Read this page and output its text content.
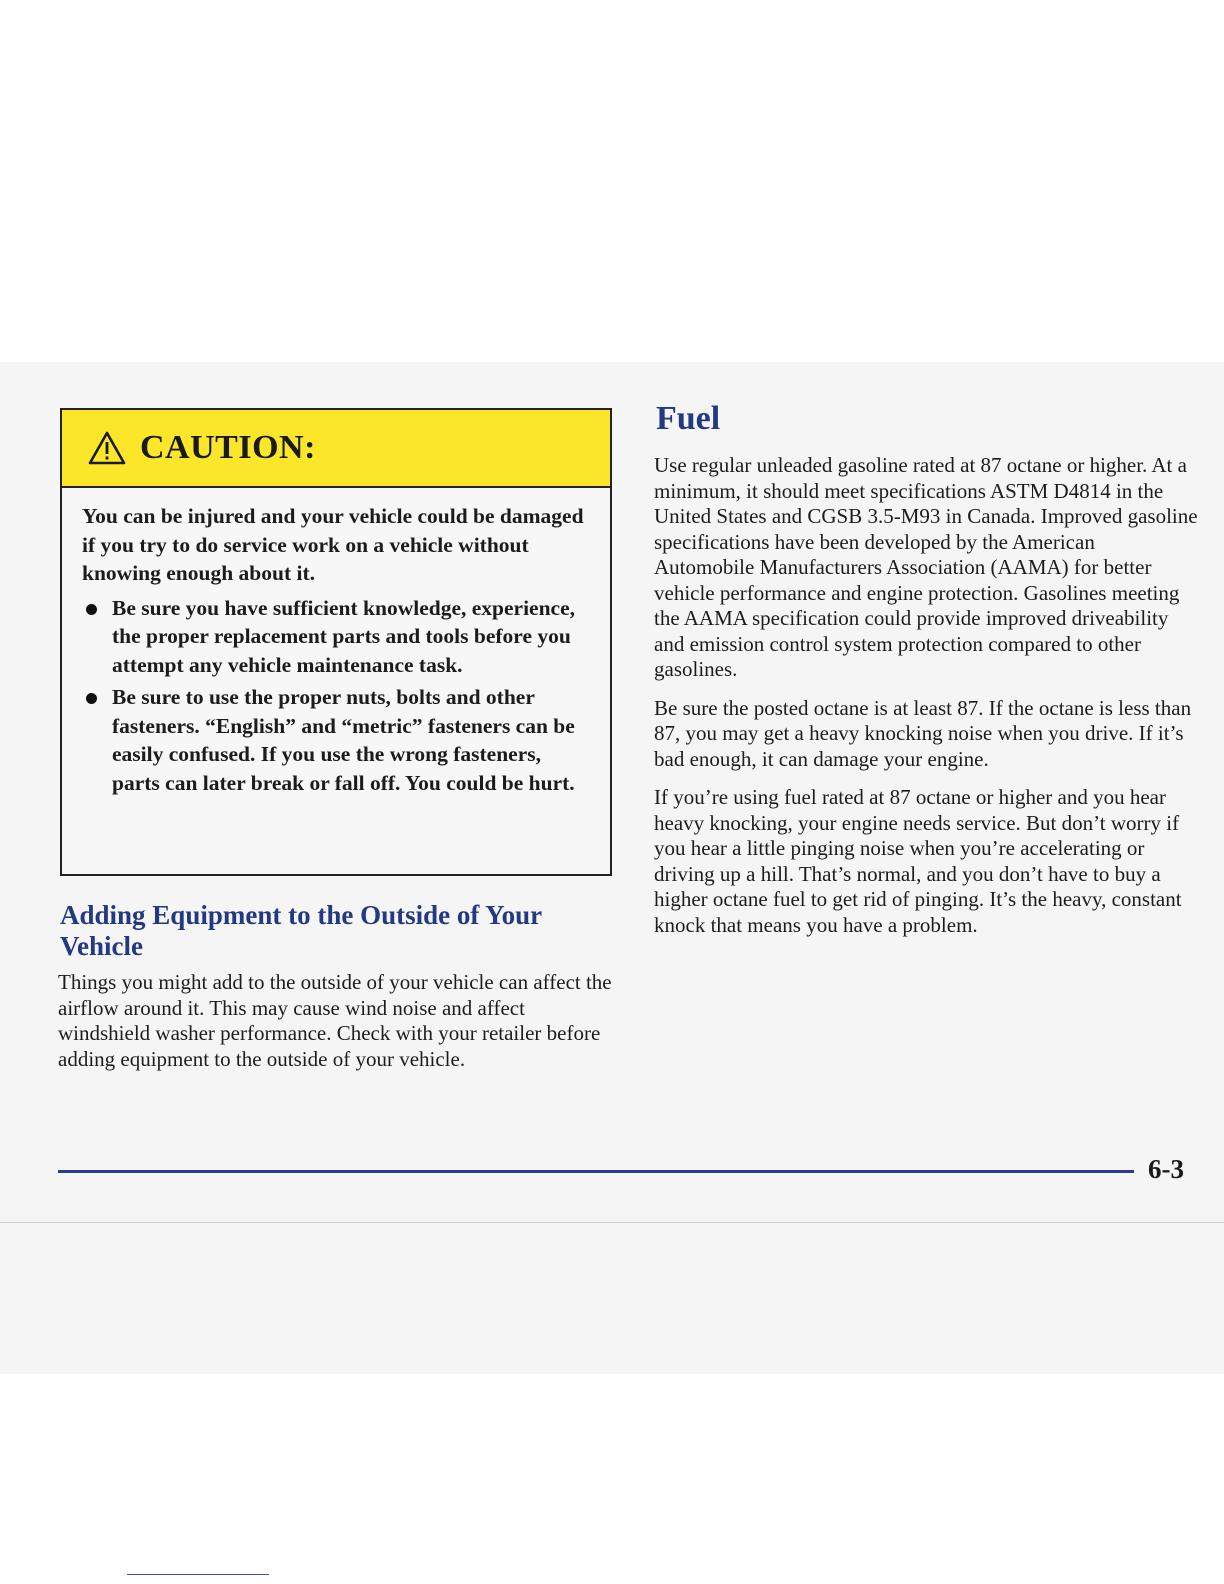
CAUTION:

You can be injured and your vehicle could be damaged if you try to do service work on a vehicle without knowing enough about it.

Be sure you have sufficient knowledge, experience, the proper replacement parts and tools before you attempt any vehicle maintenance task.
Be sure to use the proper nuts, bolts and other fasteners. “English” and “metric” fasteners can be easily confused. If you use the wrong fasteners, parts can later break or fall off. You could be hurt.
Adding Equipment to the Outside of Your Vehicle

Things you might add to the outside of your vehicle can affect the airflow around it. This may cause wind noise and affect windshield washer performance. Check with your retailer before adding equipment to the outside of your vehicle.

Fuel

Use regular unleaded gasoline rated at 87 octane or higher. At a minimum, it should meet specifications ASTM D4814 in the United States and CGSB 3.5-M93 in Canada. Improved gasoline specifications have been developed by the American Automobile Manufacturers Association (AAMA) for better vehicle performance and engine protection. Gasolines meeting the AAMA specification could provide improved driveability and emission control system protection compared to other gasolines.

Be sure the posted octane is at least 87. If the octane is less than 87, you may get a heavy knocking noise when you drive. If it’s bad enough, it can damage your engine.

If you’re using fuel rated at 87 octane or higher and you hear heavy knocking, your engine needs service. But don’t worry if you hear a little pinging noise when you’re accelerating or driving up a hill. That’s normal, and you don’t have to buy a higher octane fuel to get rid of pinging. It’s the heavy, constant knock that means you have a problem.

6-3
